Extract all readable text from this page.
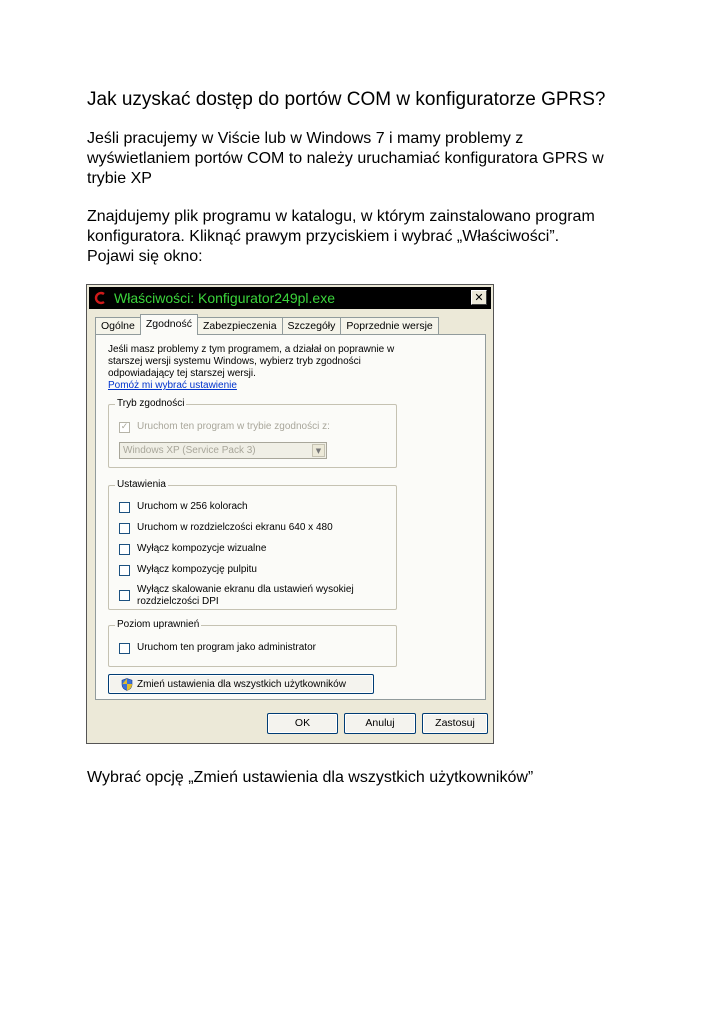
Jak uzyskać dostęp do portów COM w konfiguratorze GPRS?
Jeśli pracujemy w Viście lub w Windows 7 i mamy problemy z
wyświetlaniem portów COM to należy uruchamiać konfiguratora GPRS w
trybie XP
Znajdujemy plik programu w katalogu, w którym zainstalowano program
konfiguratora. Kliknąć prawym przyciskiem i wybrać „Właściwości”.
Pojawi się okno:
Właściwości: Konfigurator249pl.exe	✕
Ogólne	Zgodność	Zabezpieczenia	Szczegóły	Poprzednie wersje
Jeśli masz problemy z tym programem, a działał on poprawnie w
starszej wersji systemu Windows, wybierz tryb zgodności
odpowiadający tej starszej wersji.
Pomóż mi wybrać ustawienie
Tryb zgodności
✓ Uruchom ten program w trybie zgodności z:
Windows XP (Service Pack 3)	▼
Ustawienia
Uruchom w 256 kolorach
Uruchom w rozdzielczości ekranu 640 x 480
Wyłącz kompozycje wizualne
Wyłącz kompozycję pulpitu
Wyłącz skalowanie ekranu dla ustawień wysokiej
rozdzielczości DPI
Poziom uprawnień
Uruchom ten program jako administrator
Zmień ustawienia dla wszystkich użytkowników
OK	Anuluj	Zastosuj
Wybrać opcję „Zmień ustawienia dla wszystkich użytkowników”
